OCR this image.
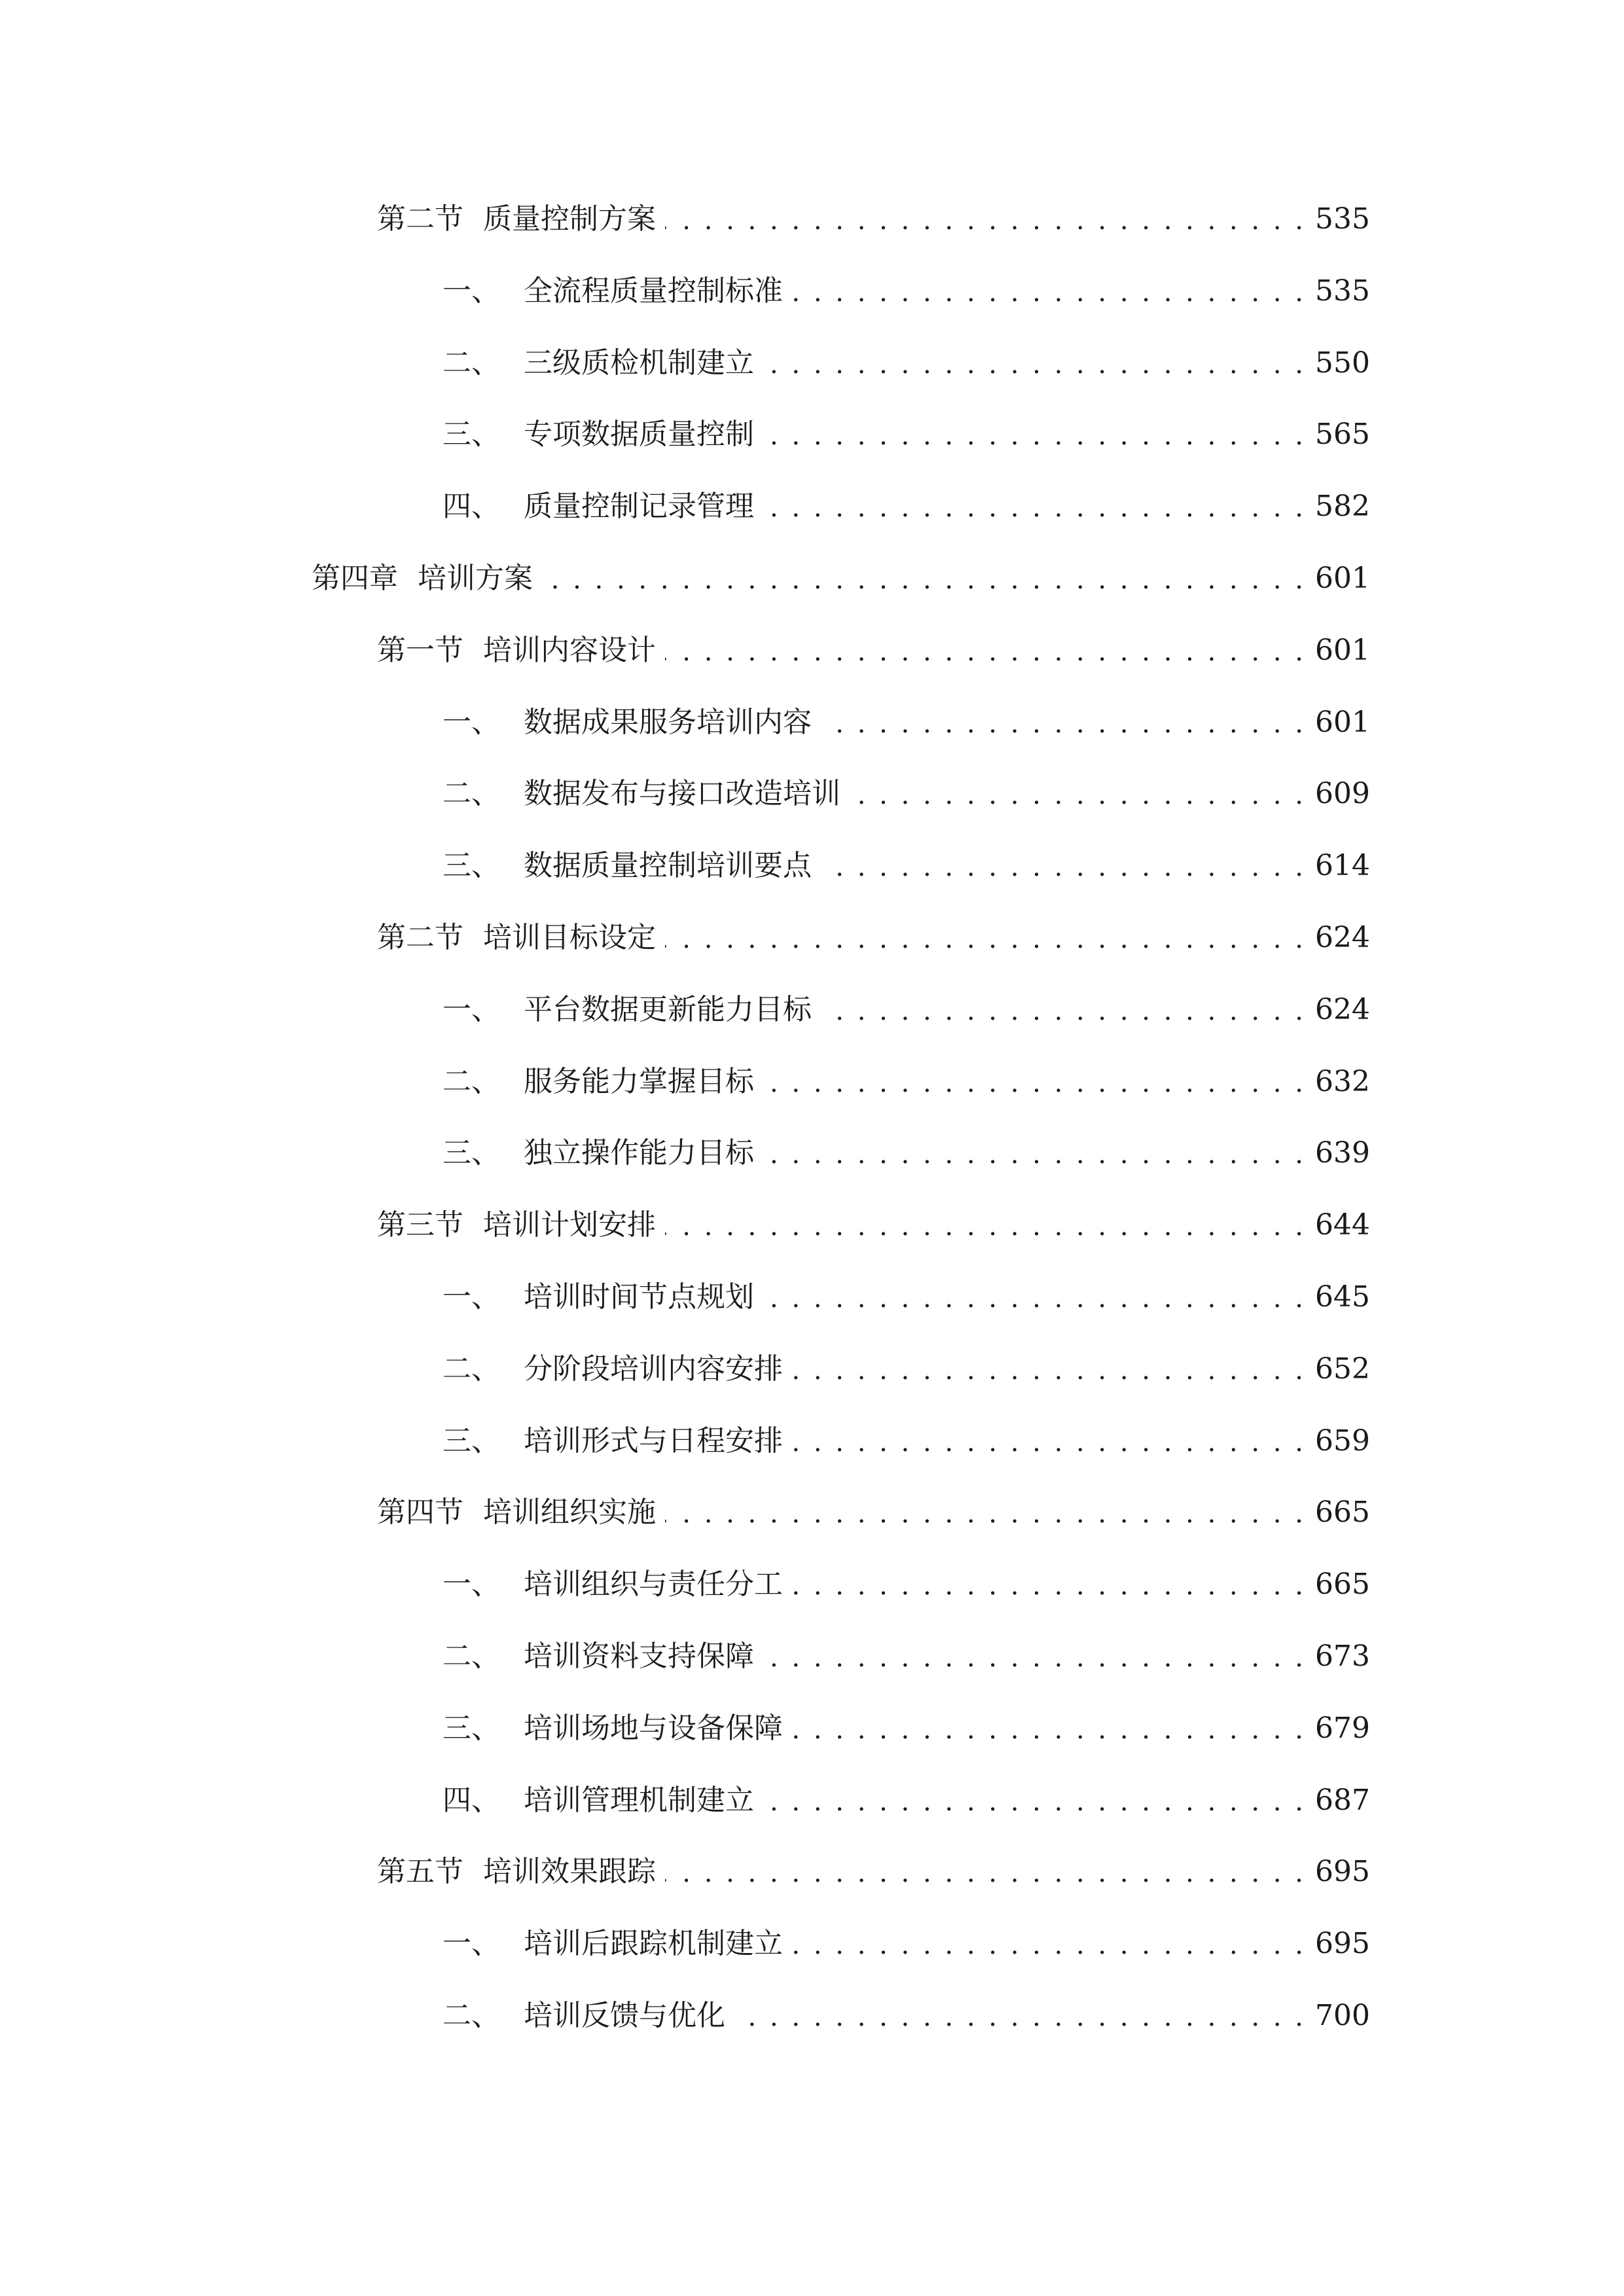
第二节 质量控制方案 . . .	535
一、 全流程质量控制标准 . . .	535
二、 三级质检机制建立 . . .	550
三、 专项数据质量控制 . . .	565
四、 质量控制记录管理 . . .	582
第四章 培训方案 . . .	601
第一节 培训内容设计 . . .	601
一、 数据成果服务培训内容 . . .	601
二、 数据发布与接口改造培训 . . .	609
三、 数据质量控制培训要点 . . .	614
第二节 培训目标设定 . . .	624
一、 平台数据更新能力目标 . . .	624
二、 服务能力掌握目标 . . .	632
三、 独立操作能力目标 . . .	639
第三节 培训计划安排 . . .	644
一、 培训时间节点规划 . . .	645
二、 分阶段培训内容安排 . . .	652
三、 培训形式与日程安排 . . .	659
第四节 培训组织实施 . . .	665
一、 培训组织与责任分工 . . .	665
二、 培训资料支持保障 . . .	673
三、 培训场地与设备保障 . . .	679
四、 培训管理机制建立 . . .	687
第五节 培训效果跟踪 . . .	695
一、 培训后跟踪机制建立 . . .	695
二、 培训反馈与优化 . . .	700
